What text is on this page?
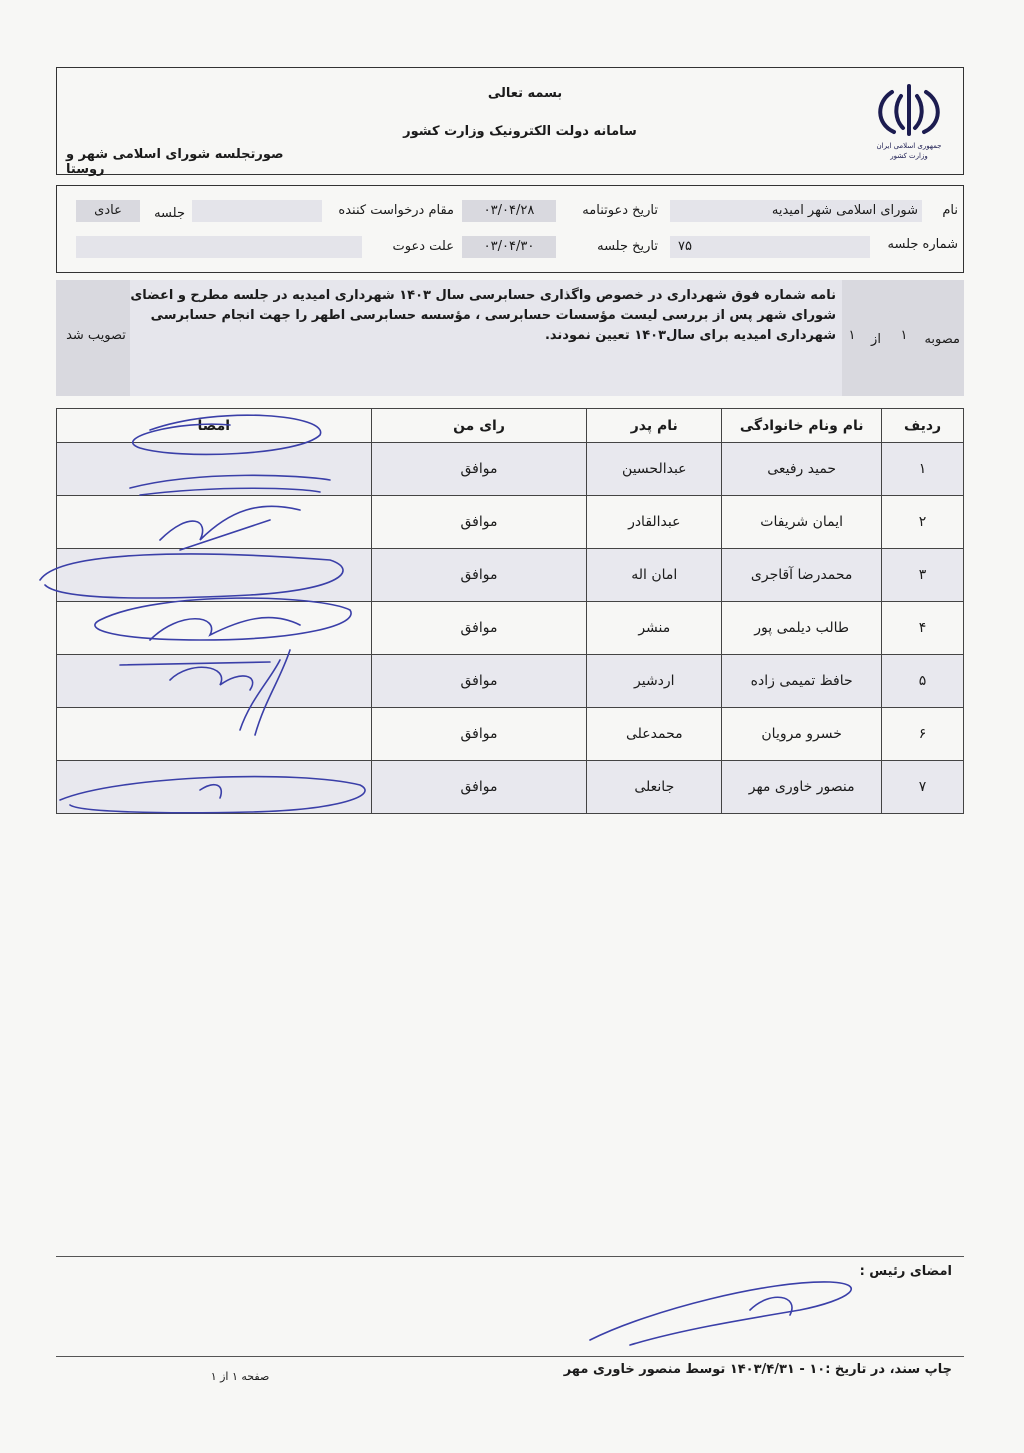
بسمه تعالی
سامانه دولت الکترونیک وزارت کشور
صورتجلسه شورای اسلامی شهر و روستا
جمهوری اسلامی ایران
وزارت کشور
نام
شورای اسلامی شهر امیدیه
تاریخ دعوتنامه
۰۳/۰۴/۲۸
مقام درخواست کننده
جلسه
عادی
شماره جلسه
۷۵
تاریخ جلسه
۰۳/۰۴/۳۰
علت دعوت
نامه شماره فوق شهرداری در خصوص واگذاری حسابرسی سال ۱۴۰۳ شهرداری امیدیه در جلسه مطرح و اعضای شورای شهر پس از بررسی لیست مؤسسات حسابرسی ، مؤسسه حسابرسی اطهر را جهت انجام حسابرسی شهرداری امیدیه برای سال۱۴۰۳ تعیین نمودند.	مصوبه
۱
از
۱
تصویب شد
ردیف	نام ونام خانوادگی	نام پدر	رای من	امضا
۱	حمید رفیعی	عبدالحسین	موافق	
۲	ایمان شریفات	عبدالقادر	موافق	
۳	محمدرضا آقاجری	امان اله	موافق	
۴	طالب دیلمی پور	منشر	موافق	
۵	حافظ تمیمی زاده	اردشیر	موافق	
۶	خسرو مرویان	محمدعلی	موافق	
۷	منصور خاوری مهر	جانعلی	موافق	
امضای رئیس :
چاپ سند، در تاریخ :۱۰ - ۱۴۰۳/۴/۳۱ توسط منصور خاوری مهر
صفحه ۱ از ۱
